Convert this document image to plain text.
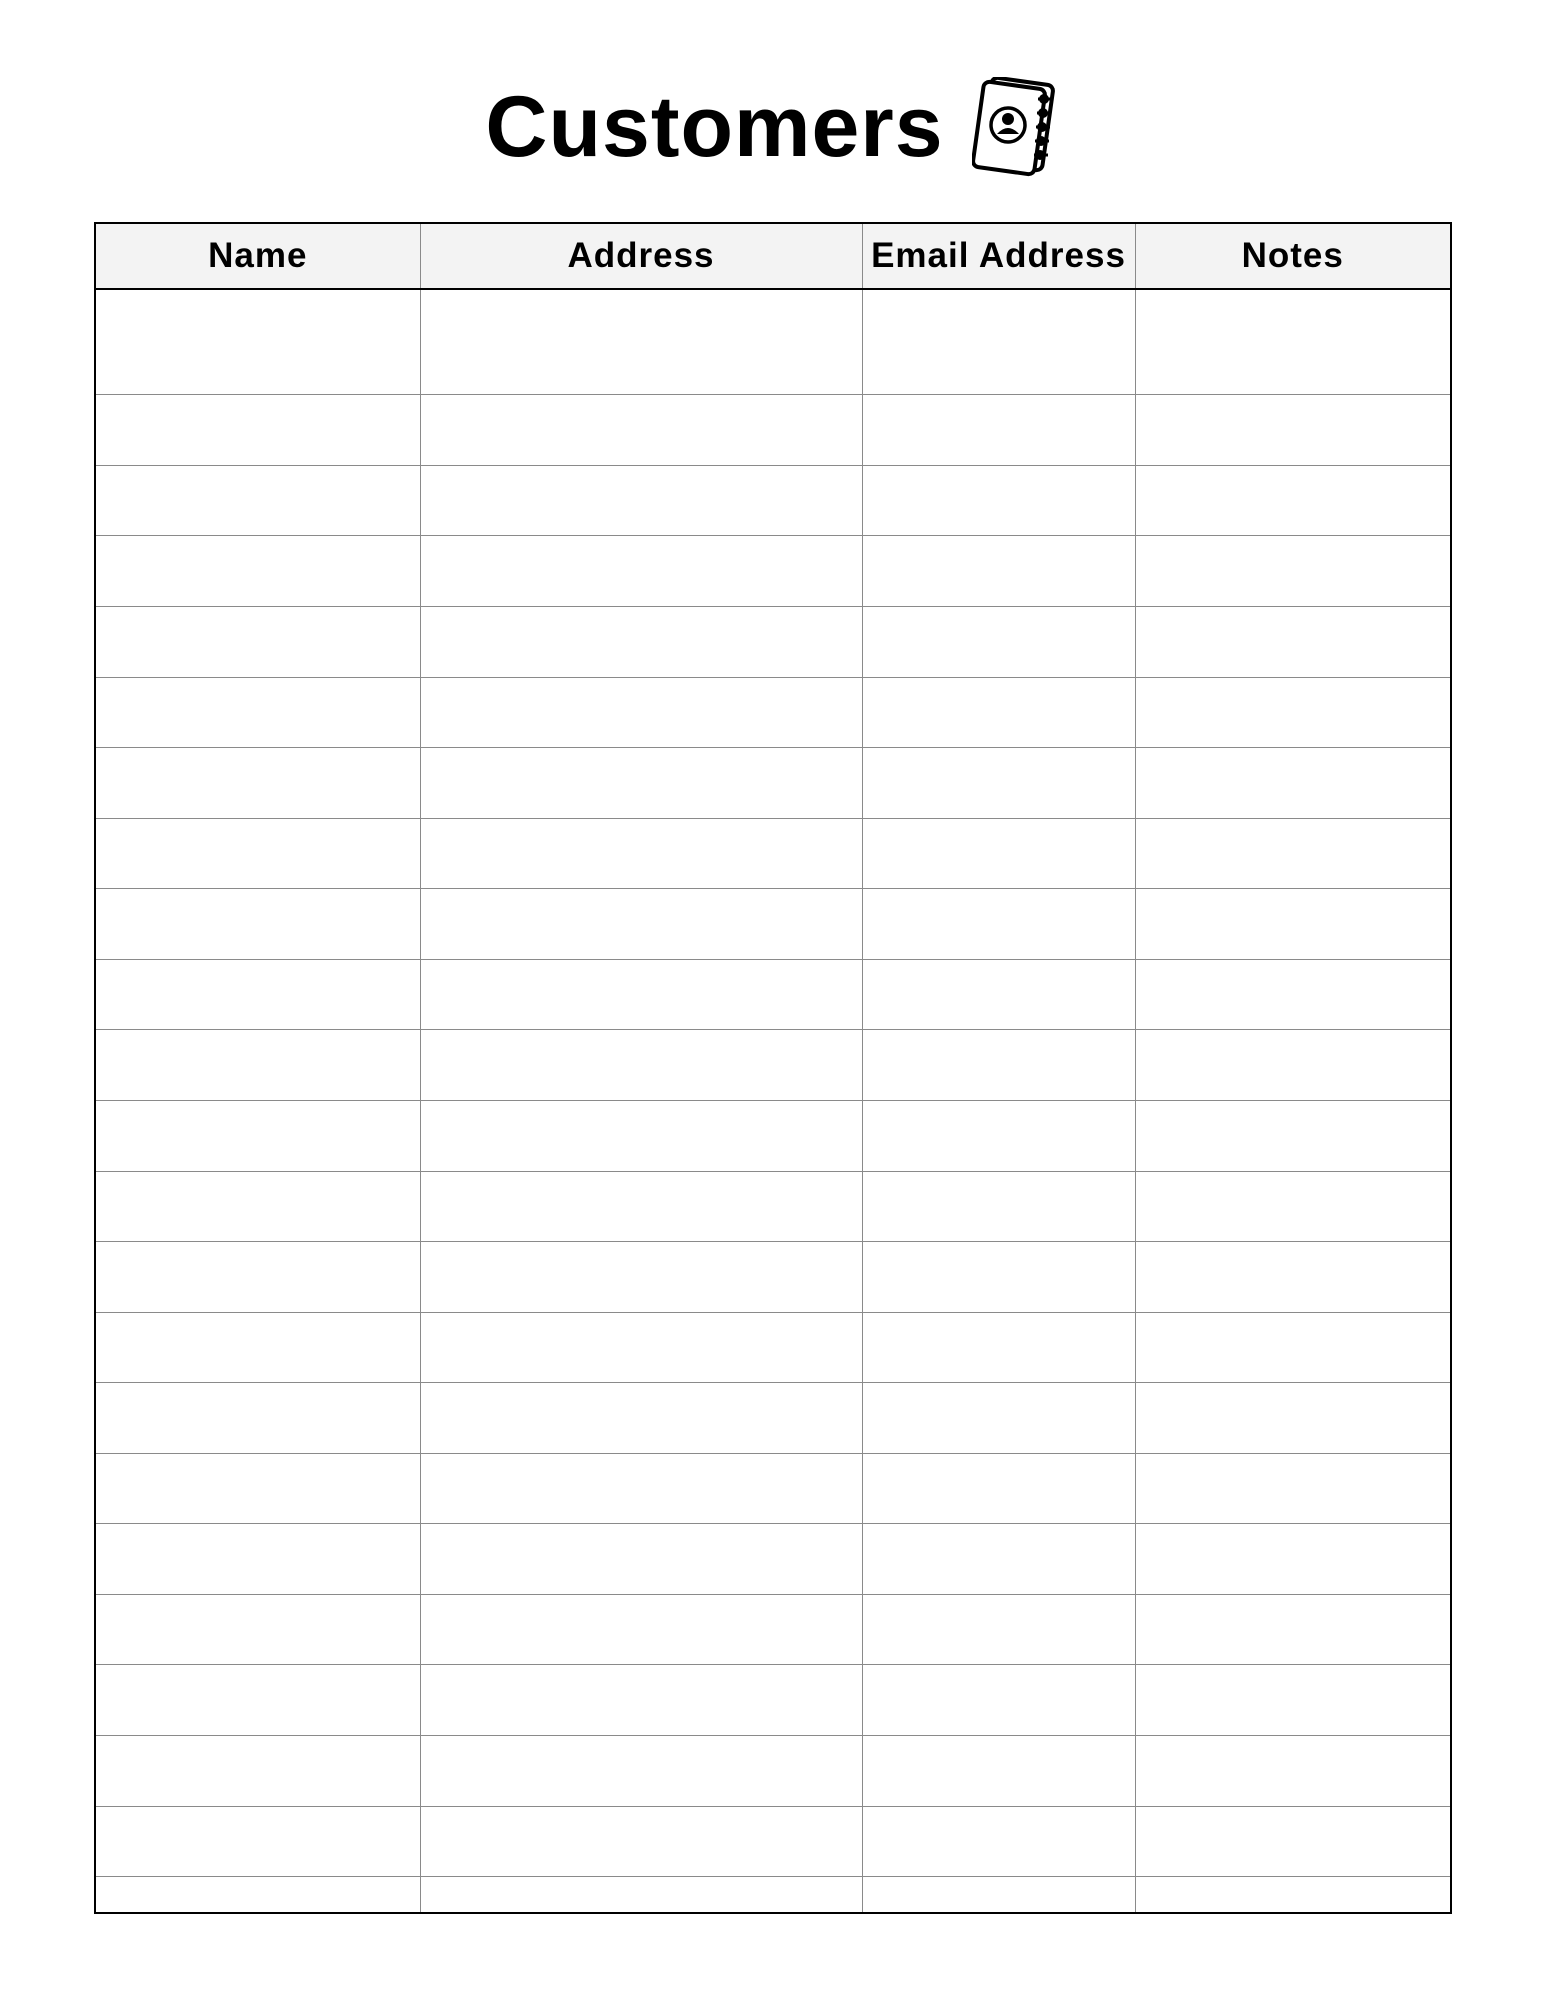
Customers
Name	Address	Email Address	Notes
